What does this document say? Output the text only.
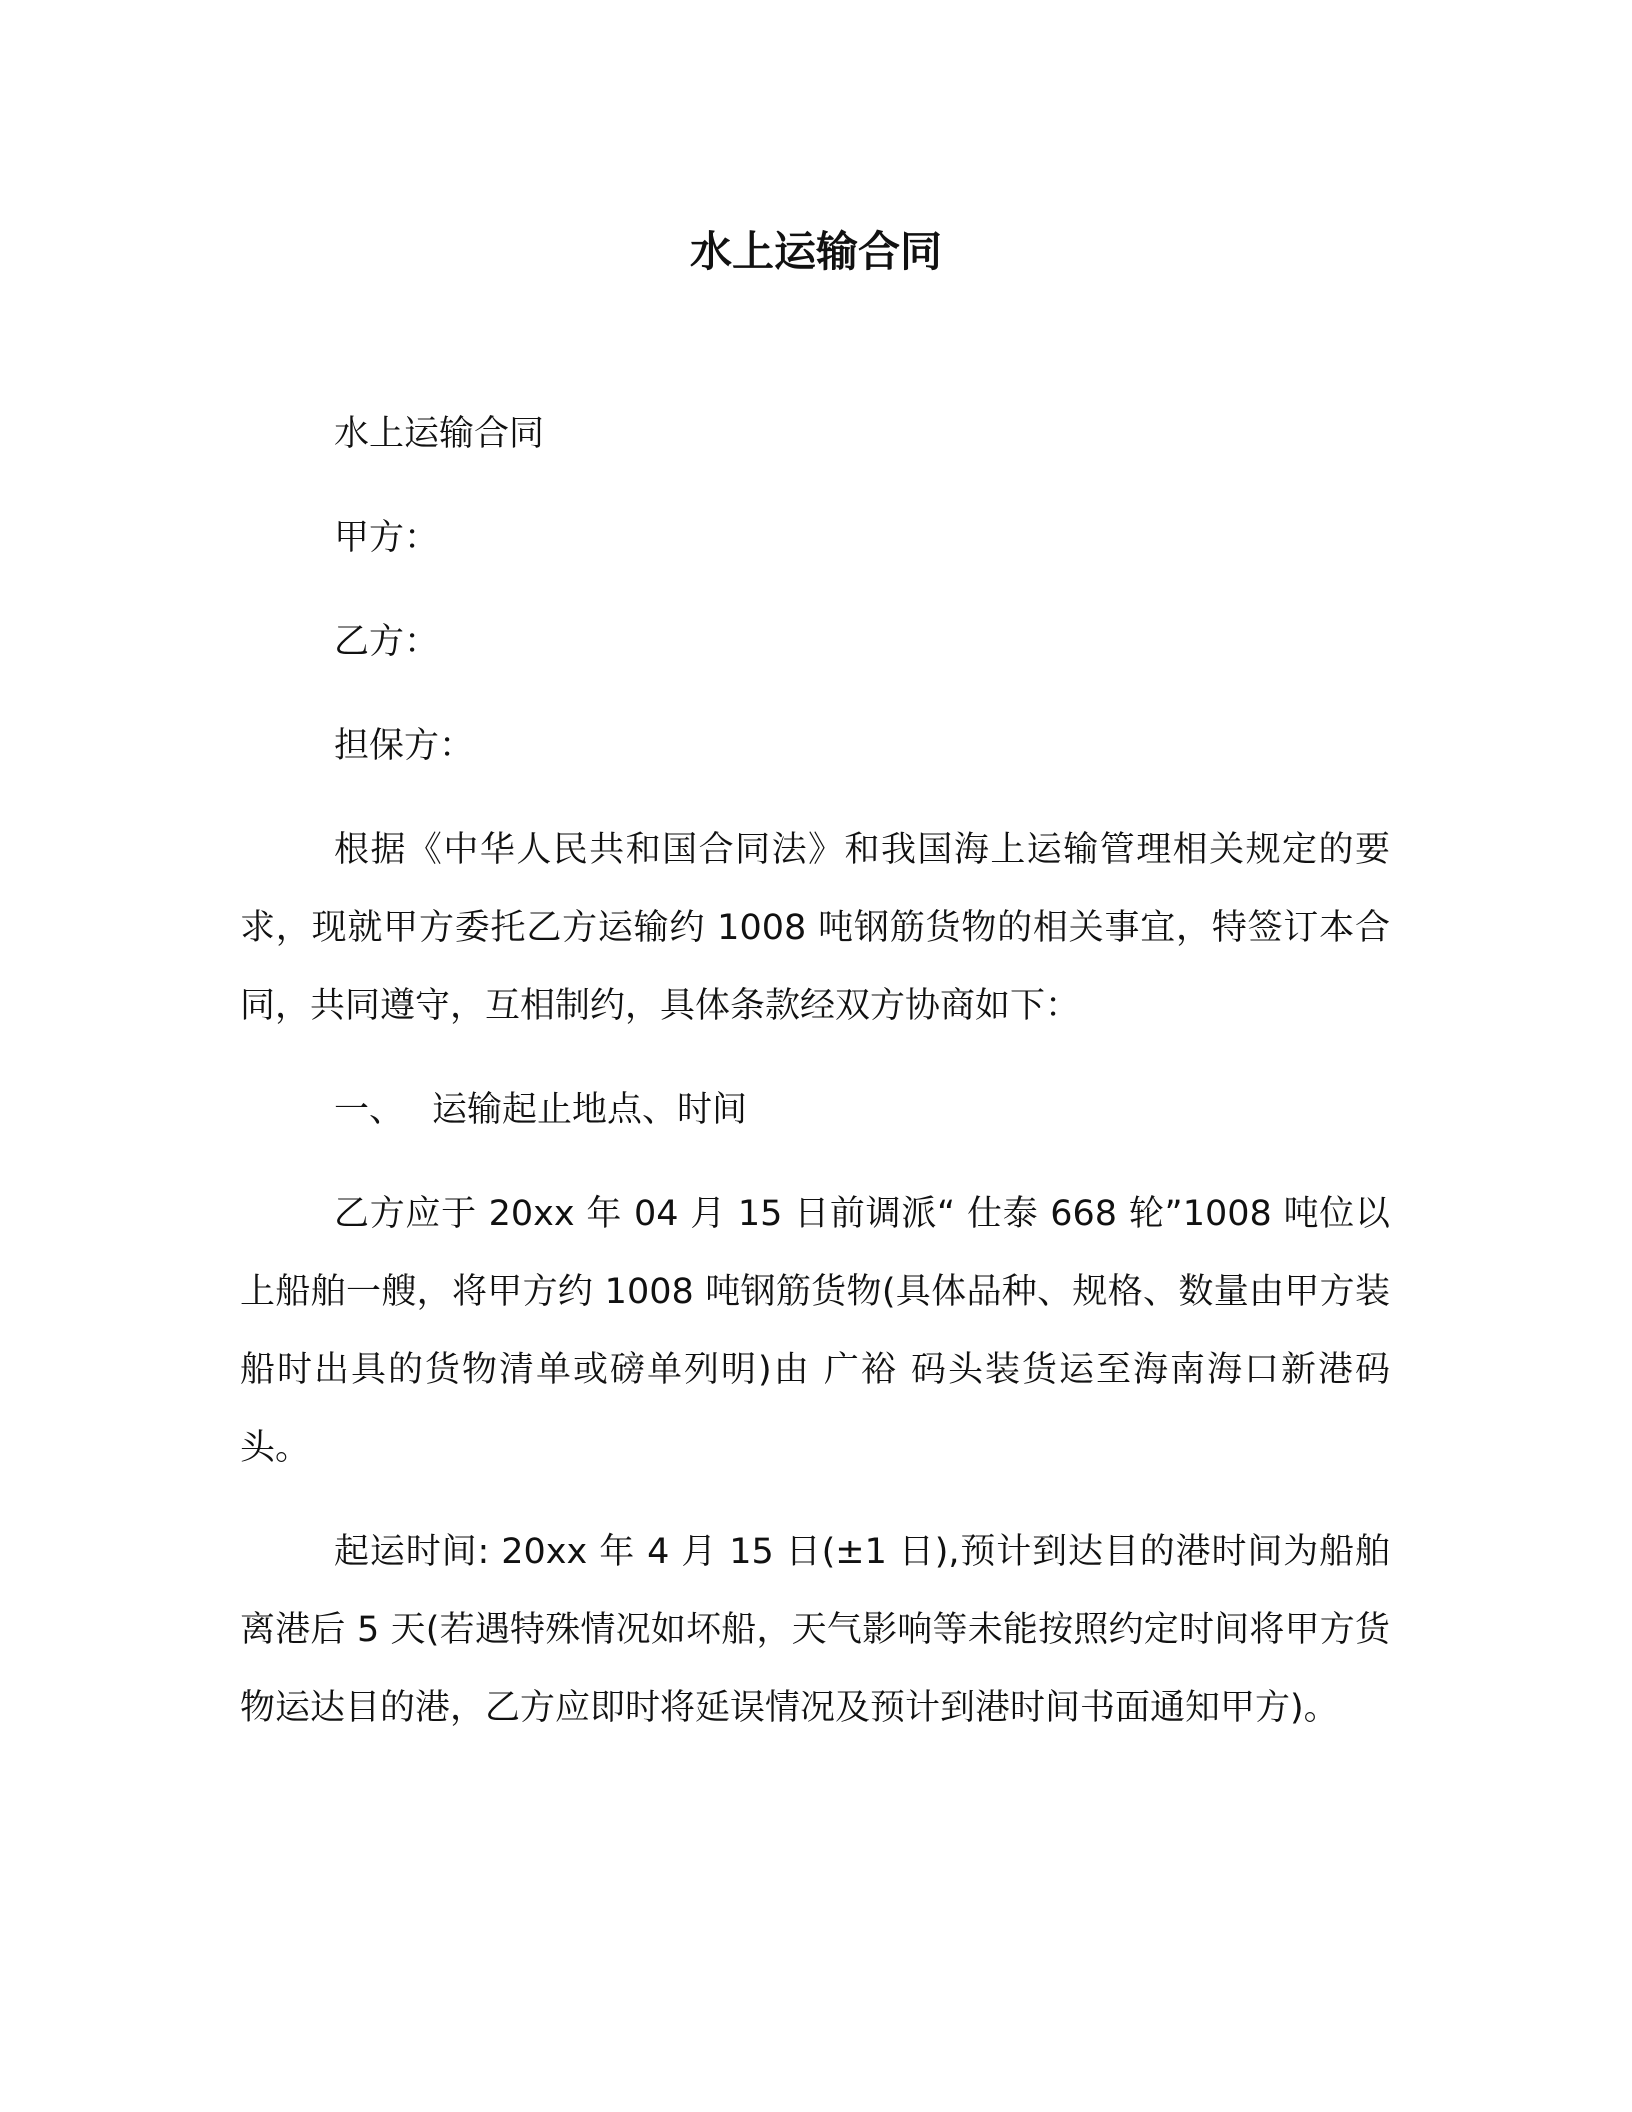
水上运输合同

水上运输合同

甲方：

乙方：

担保方：

根据《中华人民共和国合同法》和我国海上运输管理相关规定的要求，现就甲方委托乙方运输约 1008 吨钢筋货物的相关事宜，特签订本合同，共同遵守，互相制约，具体条款经双方协商如下：

一、 运输起止地点、时间

乙方应于 20xx 年 04 月 15 日前调派“ 仕泰 668 轮”1008 吨位以上船舶一艘，将甲方约 1008 吨钢筋货物(具体品种、规格、数量由甲方装船时出具的货物清单或磅单列明)由 广裕 码头装货运至海南海口新港码头。

起运时间: 20xx 年 4 月 15 日(±1 日),预计到达目的港时间为船舶离港后 5 天(若遇特殊情况如坏船，天气影响等未能按照约定时间将甲方货物运达目的港，乙方应即时将延误情况及预计到港时间书面通知甲方)。
